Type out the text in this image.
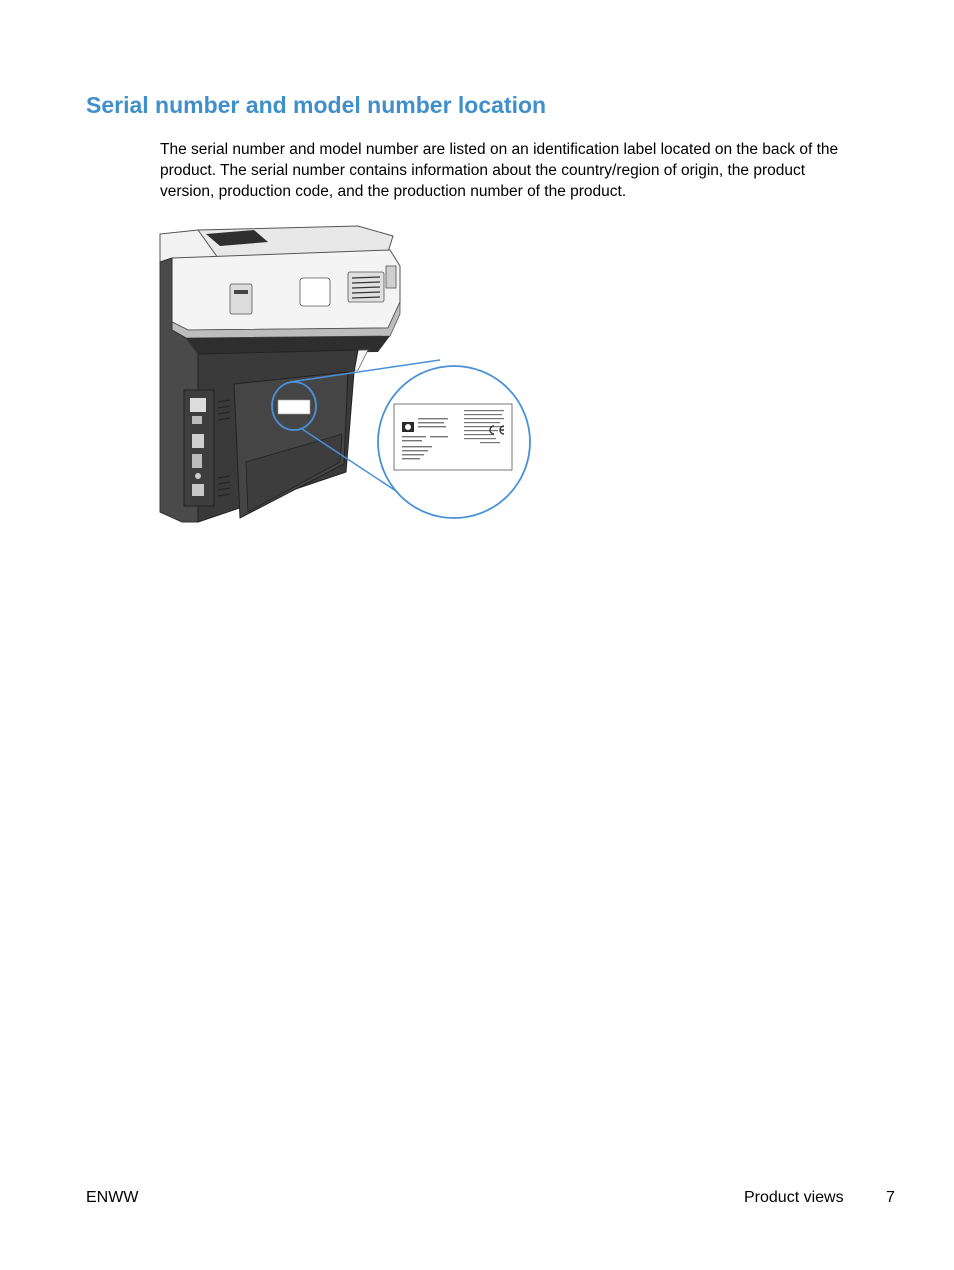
Serial number and model number location

The serial number and model number are listed on an identification label located on the back of the product. The serial number contains information about the country/region of origin, the product version, production code, and the production number of the product.

ENWW	Product views	7
